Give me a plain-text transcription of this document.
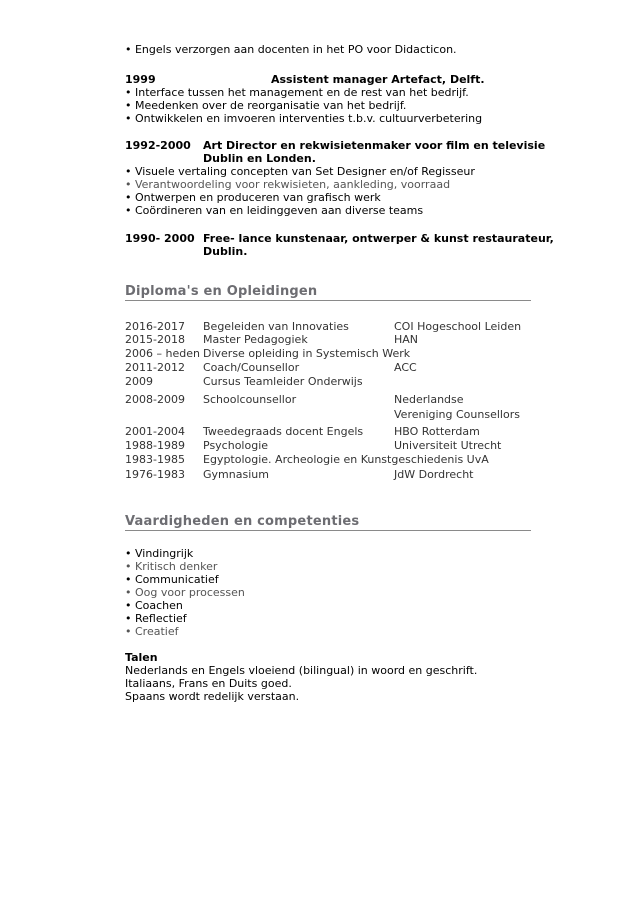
• Engels verzorgen aan docenten in het PO voor Didacticon.
1999	Assistent manager Artefact, Delft.
• Interface tussen het management en de rest van het bedrijf.
• Meedenken over de reorganisatie van het bedrijf.
• Ontwikkelen en imvoeren interventies t.b.v. cultuurverbetering
1992-2000 Art Director en rekwisietenmaker voor film en televisie
Dublin en Londen.
• Visuele vertaling concepten van Set Designer en/of Regisseur
• Verantwoordeling voor rekwisieten, aankleding, voorraad
• Ontwerpen en produceren van grafisch werk
• Coördineren van en leidinggeven aan diverse teams
1990- 2000 Free- lance kunstenaar, ontwerper & kunst restaurateur,
Dublin.
Diploma's en Opleidingen
2016-2017 Begeleiden van Innovaties	COI Hogeschool Leiden
2015-2018 Master Pedagogiek	HAN
2006 – heden Diverse opleiding in Systemisch Werk
2011-2012 Coach/Counsellor	ACC
2009	Cursus Teamleider Onderwijs
2008-2009 Schoolcounsellor	Nederlandse
Vereniging Counsellors
2001-2004 Tweedegraads docent Engels	HBO Rotterdam
1988-1989 Psychologie	Universiteit Utrecht
1983-1985 Egyptologie. Archeologie en Kunstgeschiedenis UvA
1976-1983 Gymnasium	JdW Dordrecht
Vaardigheden en competenties
• Vindingrijk
• Kritisch denker
• Communicatief
• Oog voor processen
• Coachen
• Reflectief
• Creatief
Talen
Nederlands en Engels vloeiend (bilingual) in woord en geschrift.
Italiaans, Frans en Duits goed.
Spaans wordt redelijk verstaan.
